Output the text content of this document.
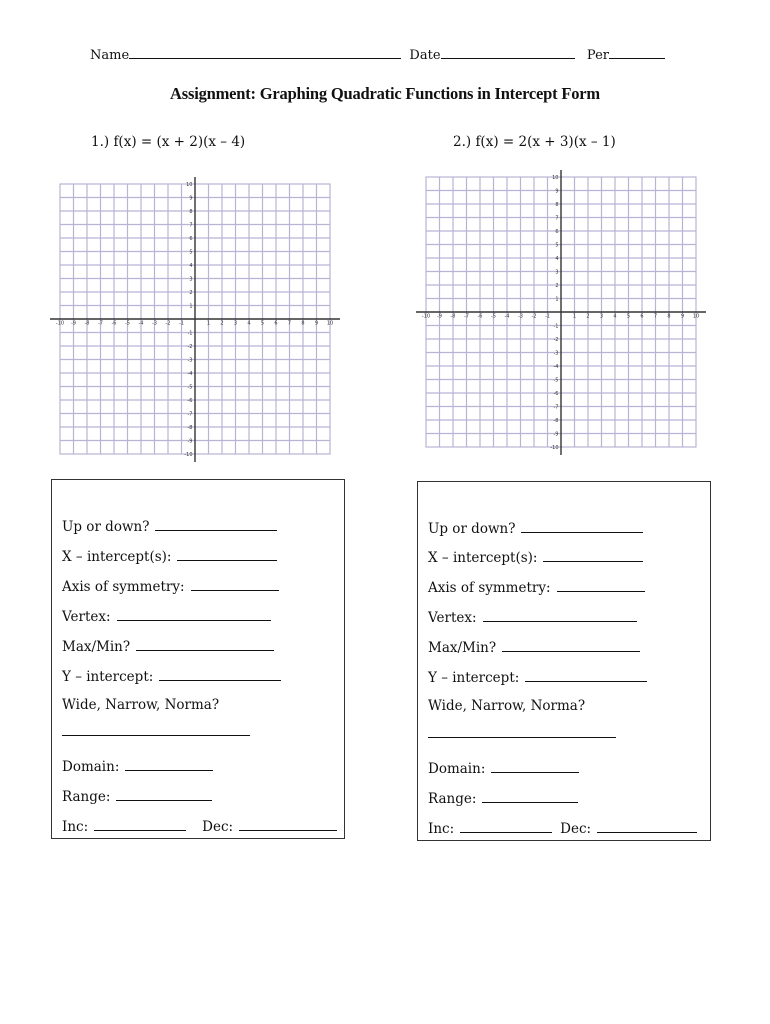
Name	Date	Per
Assignment: Graphing Quadratic Functions in Intercept Form
1.) f(x) = (x + 2)(x – 4)	2.) f(x) = 2(x + 3)(x – 1)
-10 -9 -8 -7 -6 -5 -4 -3 -2 -1	1 2 3 4 5 6 7 8 9 10
10
9
8
7
6
5
4
3
2
1
-1
-2
-3
-4
-5
-6
-7
-8
-9
-10
-10 -9 -8 -7 -6 -5 -4 -3 -2 -1	1 2 3 4 5 6 7 8 9 10
10
9
8
7
6
5
4
3
2
1
-1
-2
-3
-4
-5
-6
-7
-8
-9
-10
Up or down?
X – intercept(s):
Axis of symmetry:
Vertex:
Max/Min?
Y – intercept:
Wide, Narrow, Norma?
Domain:
Range:
Inc:	Dec:
Up or down?
X – intercept(s):
Axis of symmetry:
Vertex:
Max/Min?
Y – intercept:
Wide, Narrow, Norma?
Domain:
Range:
Inc:	Dec:
